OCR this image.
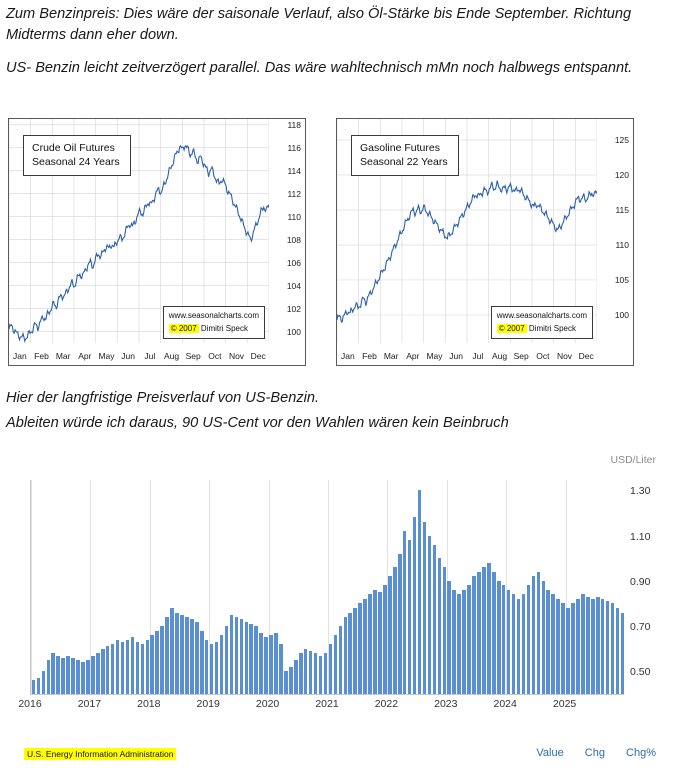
Zum Benzinpreis: Dies wäre der saisonale Verlauf, also Öl-Stärke bis Ende September. Richtung Midterms dann eher down.
US- Benzin leicht zeitverzögert parallel. Das wäre wahltechnisch mMn noch halbwegs entspannt.
100
102
104
106
108
110
112
114
116
118
Jan Feb Mar Apr May Jun Jul Aug Sep Oct Nov Dec
Crude Oil Futures
Seasonal 24 Years
www.seasonalcharts.com
© 2007 Dimitri Speck
100
105
110
115
120
125
Jan Feb Mar Apr May Jun Jul Aug Sep Oct Nov Dec
Gasoline Futures
Seasonal 22 Years
www.seasonalcharts.com
© 2007 Dimitri Speck
Hier der langfristige Preisverlauf von US-Benzin.
Ableiten würde ich daraus, 90 US-Cent vor den Wahlen wären kein Beinbruch
USD/Liter
0.50
0.70
0.90
1.10
1.30
2016	2017	2018	2019	2020	2021	2022	2023	2024	2025
U.S. Energy Information Administration	Value Chg Chg%
